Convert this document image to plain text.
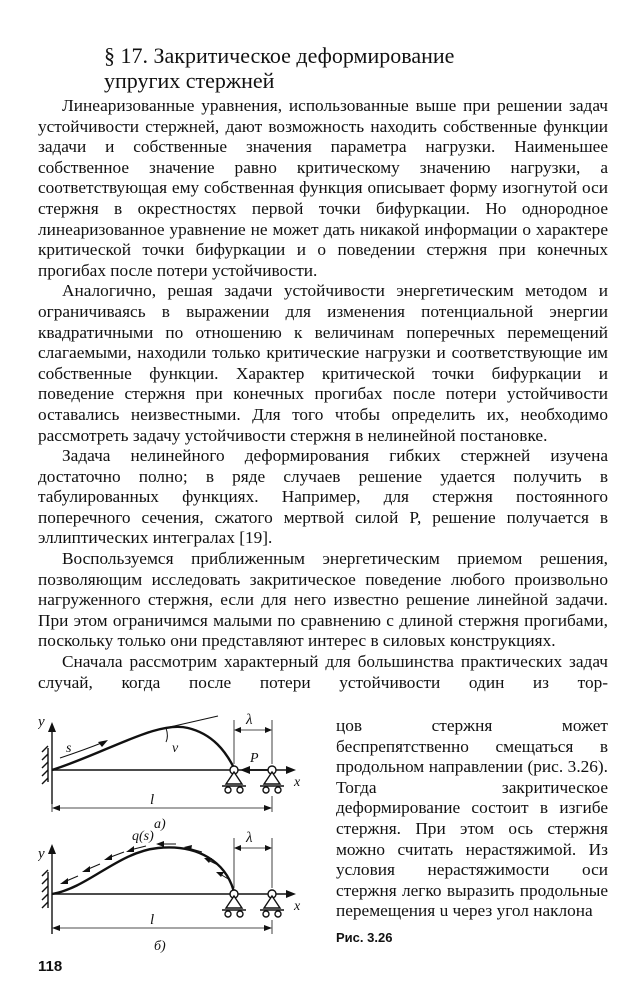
§ 17. Закритическое деформирование
упругих стержней

Линеаризованные уравнения, использованные выше при решении задач устойчивости стержней, дают возможность находить собственные функции задачи и собственные значения параметра нагрузки. Наименьшее собственное значение равно критическому значению нагрузки, а соответствующая ему собственная функция описывает форму изогнутой оси стержня в окрестностях первой точки бифуркации. Но однородное линеаризованное уравнение не может дать никакой информации о характере критической точки бифуркации и о поведении стержня при конечных прогибах после потери устойчивости.

Аналогично, решая задачи устойчивости энергетическим методом и ограничиваясь в выражении для изменения потенциальной энергии квадратичными по отношению к величинам поперечных перемещений слагаемыми, находили только критические нагрузки и соответствующие им собственные функции. Характер критической точки бифуркации и поведение стержня при конечных прогибах после потери устойчивости оставались неизвестными. Для того чтобы определить их, необходимо рассмотреть задачу устойчивости стержня в нелинейной постановке.

Задача нелинейного деформирования гибких стержней изучена достаточно полно; в ряде случаев решение удается получить в табулированных функциях. Например, для стержня постоянного поперечного сечения, сжатого мертвой силой P, решение получается в эллиптических интегралах [19].

Воспользуемся приближенным энергетическим приемом решения, позволяющим исследовать закритическое поведение любого произвольно нагруженного стержня, если для него известно решение линейной задачи. При этом ограничимся малыми по сравнению с длиной стержня прогибами, поскольку только они представляют интерес в силовых конструкциях.

Сначала рассмотрим характерный для большинства практических задач случай, когда после потери устойчивости один из тор-

y
s	v
λ
P
x
l
a)
y
q(s)	λ
x
l
б)

цов стержня может беспрепятственно смещаться в продольном направлении (рис. 3.26). Тогда закритическое деформирование состоит в изгибе стержня. При этом ось стержня можно считать нерастяжимой. Из условия нерастяжимости оси стержня легко выразить продольные перемещения u через угол наклона

Рис. 3.26
118
